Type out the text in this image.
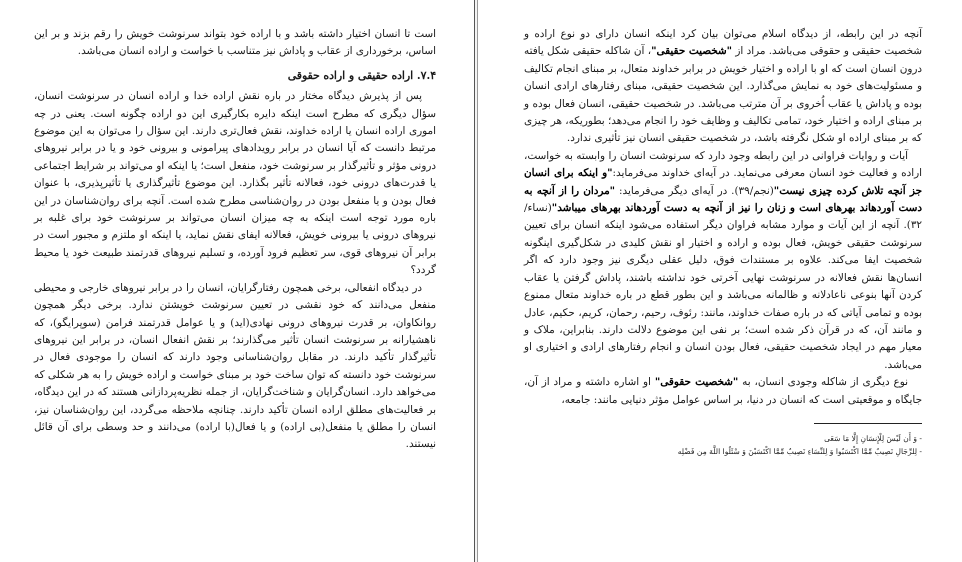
است تا انسان اختیار داشته باشد و با اراده خود بتواند سرنوشت خویش را رقم بزند و بر این اساس، برخورداری از عقاب و پاداش نیز متناسب با خواست و اراده انسان می‌باشد.

۷.۴. اراده حقیقی و اراده حقوقی

پس از پذیرش دیدگاه مختار در باره نقش اراده خدا و اراده انسان در سرنوشت انسان، سؤال دیگری که مطرح است اینکه دایره بکارگیری این دو اراده چگونه است. یعنی در چه اموری اراده انسان یا اراده خداوند، نقش فعال‌تری دارند. این سؤال را می‌توان به این موضوع مرتبط دانست که آیا انسان در برابر رویدادهای پیرامونی و بیرونی خود و یا در برابر نیروهای درونی مؤثر و تأثیرگذار بر سرنوشت خود، منفعل است؛ یا اینکه او می‌تواند بر شرایط اجتماعی یا قدرت‌های درونی خود، فعالانه تأثیر بگذارد. این موضوع تأثیرگذاری یا تأثیرپذیری، با عنوان فعال بودن و یا منفعل بودن در روان‌شناسی مطرح شده است. آنچه برای روان‌شناسان در این باره مورد توجه است اینکه به چه میزان انسان می‌تواند بر سرنوشت خود برای غلبه بر نیروهای درونی یا بیرونی خویش، فعالانه ایفای نقش نماید، یا اینکه او ملتزم و مجبور است در برابر آن نیروهای قوی، سر تعظیم فرود آورده، و تسلیم نیروهای قدرتمند طبیعت خود یا محیط گردد؟

در دیدگاه انفعالی، برخی همچون رفتارگرایان، انسان را در برابر نیروهای خارجی و محیطی منفعل می‌دانند که خود نقشی در تعیین سرنوشت خویشتن ندارد. برخی دیگر همچون روانکاوان، بر قدرت نیروهای درونی نهادی(اید) و یا عوامل قدرتمند فرامن (سوپرایگو)، که ناهشیارانه بر سرنوشت انسان تأثیر می‌گذارند؛ بر نقش انفعال انسان، در برابر این نیروهای تأثیرگذار تأکید دارند. در مقابل روان‌شناسانی وجود دارند که انسان را موجودی فعال در سرنوشت خود دانسته که توان ساخت خود بر مبنای خواست و اراده خویش را به هر شکلی که می‌خواهد دارد. انسان‌گرایان و شناخت‌گرایان، از جمله نظریه‌پردازانی هستند که در این دیدگاه، بر فعالیت‌های مطلق اراده انسان تأکید دارند. چنانچه ملاحظه می‌گردد، این روان‌شناسان نیز، انسان را مطلق یا منفعل(بی اراده) و یا فعال(با اراده) می‌دانند و حد وسطی برای آن قائل نیستند.

آنچه در این رابطه، از دیدگاه اسلام می‌توان بیان کرد اینکه انسان دارای دو نوع اراده و شخصیت حقیقی و حقوقی می‌باشد. مراد از "شخصیت حقیقی"، آن شاکله حقیقی شکل یافته درون انسان است که او با اراده و اختیار خویش در برابر خداوند متعال، بر مبنای انجام تکالیف و مسئولیت‌های خود به نمایش می‌گذارد. این شخصیت حقیقی، مبنای رفتارهای ارادی انسان بوده و پاداش یا عقاب اُخروی بر آن مترتب می‌باشد. در شخصیت حقیقی، انسان فعال بوده و بر مبنای اراده و اختیار خود، تمامی تکالیف و وظایف خود را انجام می‌دهد؛ بطوریکه، هر چیزی که بر مبنای اراده او شکل نگرفته باشد، در شخصیت حقیقی انسان نیز تأثیری ندارد.

آیات و روایات فراوانی در این رابطه وجود دارد که سرنوشت انسان را وابسته به خواست، اراده و فعالیت خود انسان معرفی می‌نماید. در آیه‌ای خداوند می‌فرماید:"و اینکه برای انسان جز آنچه تلاش کرده چیزی نیست"(نجم/۳۹). در آیه‌ای دیگر می‌فرماید: "مردان را از آنچه به دست آوردهاند بهرهای است و زنان را نیز از آنچه به دست آوردهاند بهرهای میباشد"(نساء/۳۲). آنچه از این آیات و موارد مشابه فراوان دیگر استفاده می‌شود اینکه انسان برای تعیین سرنوشت حقیقی خویش، فعال بوده و اراده و اختیار او نقش کلیدی در شکل‌گیری اینگونه شخصیت ایفا می‌کند. علاوه بر مستندات فوق، دلیل عقلی دیگری نیز وجود دارد که اگر انسان‌ها نقش فعالانه در سرنوشت نهایی آخرتی خود نداشته باشند، پاداش گرفتن یا عقاب کردن آنها بنوعی ناعادلانه و ظالمانه می‌باشد و این بطور قطع در باره خداوند متعال ممنوع بوده و تمامی آیاتی که در باره صفات خداوند، مانند: رئوف، رحیم، رحمان، کریم، حکیم، عادل و مانند آن، که در قرآن ذکر شده است؛ بر نفی این موضوع دلالت دارند. بنابراین، ملاک و معیار مهم در ایجاد شخصیت حقیقی، فعال بودن انسان و انجام رفتارهای ارادی و اختیاری او می‌باشد.

نوع دیگری از شاکله وجودی انسان، به "شخصیت حقوقی" او اشاره داشته و مراد از آن، جایگاه و موقعیتی است که انسان در دنیا، بر اساس عوامل مؤثر دنیایی مانند: جامعه،

- وَ أَن لَیْسَ لِلْإِنسَانِ إِلَّا مَا سَعَى

- لِلرِّجَالِ نَصِیبٌ مِّمَّا اکْتَسَبُوا وَ لِلنِّسَاءِ نَصِیبٌ مِّمَّا اکْتَسَبْنَ وَ سْئَلُوا اللَّهَ مِن فَضْلِه
